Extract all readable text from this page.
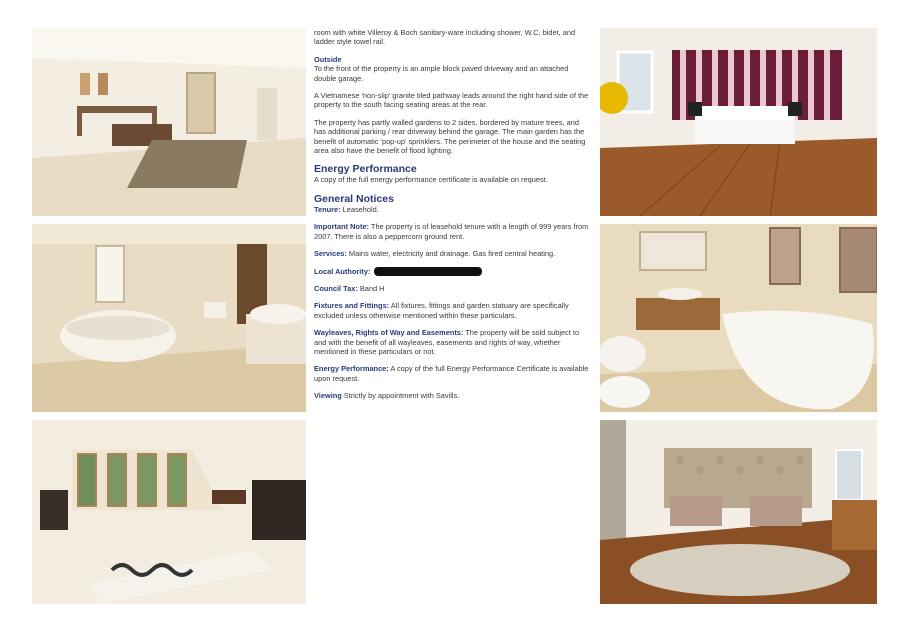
room with white Villeroy & Boch sanitary-ware including shower, W.C, bidet, and ladder style towel rail.

Outside
To the front of the property is an ample block paved driveway and an attached double garage.

A Vietnamese 'non-slip' granite tiled pathway leads around the right hand side of the property to the south facing seating areas at the rear.

The property has partly walled gardens to 2 sides, bordered by mature trees, and has additional parking / rear driveway behind the garage. The main garden has the benefit of automatic 'pop-up' sprinklers. The perimeter of the house and the seating area also have the benefit of flood lighting.

Energy Performance
A copy of the full energy performance certificate is available on request.

General Notices
Tenure: Leasehold.

Important Note: The property is of leasehold tenure with a length of 999 years from 2007. There is also a peppercorn ground rent.

Services: Mains water, electricity and drainage. Gas fired central heating.

Local Authority:

Council Tax: Band H

Fixtures and Fittings: All fixtures, fittings and garden statuary are specifically excluded unless otherwise mentioned within these particulars.

Wayleaves, Rights of Way and Easements: The property will be sold subject to and with the benefit of all wayleaves, easements and rights of way, whether mentioned in these particulars or not.

Energy Performance: A copy of the full Energy Performance Certificate is available upon request.

Viewing Strictly by appointment with Savills.
